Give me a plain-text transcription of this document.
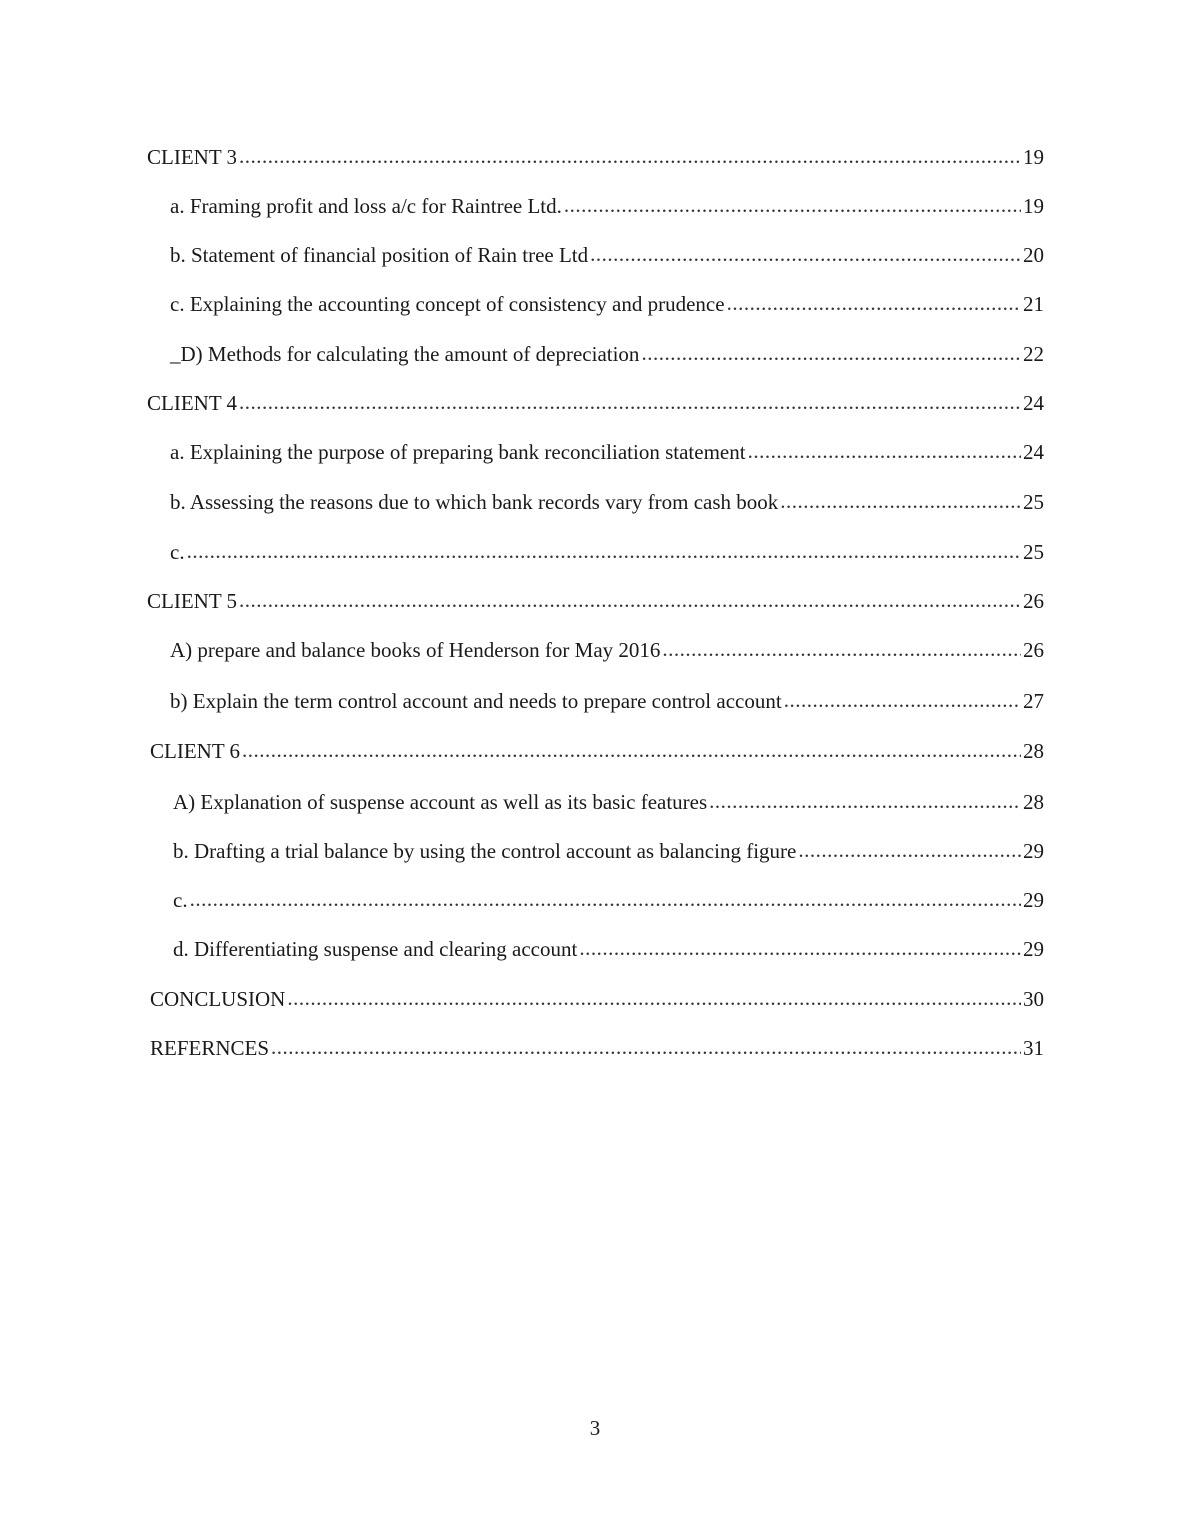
CLIENT 3 .....	19
a. Framing profit and loss a/c for Raintree Ltd. .....	19
b. Statement of financial position of Rain tree Ltd .....	20
c. Explaining the accounting concept of consistency and prudence .....	21
_D) Methods for calculating the amount of depreciation .....	22
CLIENT 4 .....	24
a. Explaining the purpose of preparing bank reconciliation statement .....	24
b. Assessing the reasons due to which bank records vary from cash book .....	25
c. .....	25
CLIENT 5 .....	26
A) prepare and balance books of Henderson for May 2016 .....	26
b) Explain the term control account and needs to prepare control account .....	27
CLIENT 6 .....	28
A) Explanation of suspense account as well as its basic features .....	28
b. Drafting a trial balance by using the control account as balancing figure .....	29
c. .....	29
d. Differentiating suspense and clearing account .....	29
CONCLUSION .....	30
REFERNCES .....	31
3
